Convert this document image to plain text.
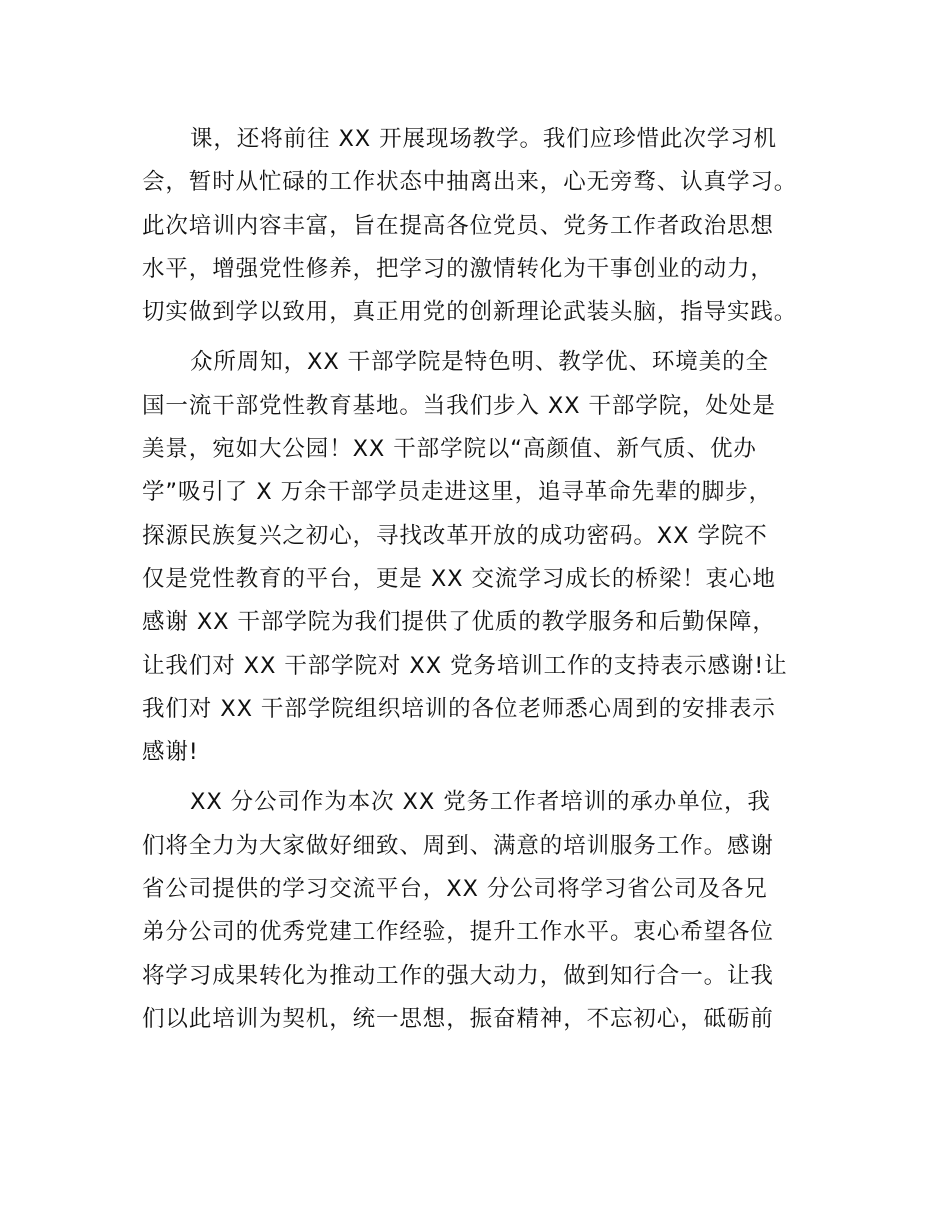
课，还将前往 XX 开展现场教学。我们应珍惜此次学习机
会，暂时从忙碌的工作状态中抽离出来，心无旁骛、认真学习。
此次培训内容丰富，旨在提高各位党员、党务工作者政治思想
水平，增强党性修养，把学习的激情转化为干事创业的动力，
切实做到学以致用，真正用党的创新理论武装头脑，指导实践。
众所周知，XX 干部学院是特色明、教学优、环境美的全
国一流干部党性教育基地。当我们步入 XX 干部学院，处处是
美景，宛如大公园！XX 干部学院以“高颜值、新气质、优办
学”吸引了 X 万余干部学员走进这里，追寻革命先辈的脚步，
探源民族复兴之初心，寻找改革开放的成功密码。XX 学院不
仅是党性教育的平台，更是 XX 交流学习成长的桥梁！衷心地
感谢 XX 干部学院为我们提供了优质的教学服务和后勤保障，
让我们对 XX 干部学院对 XX 党务培训工作的支持表示感谢!让
我们对 XX 干部学院组织培训的各位老师悉心周到的安排表示
感谢!
XX 分公司作为本次 XX 党务工作者培训的承办单位，我
们将全力为大家做好细致、周到、满意的培训服务工作。感谢
省公司提供的学习交流平台，XX 分公司将学习省公司及各兄
弟分公司的优秀党建工作经验，提升工作水平。衷心希望各位
将学习成果转化为推动工作的强大动力，做到知行合一。让我
们以此培训为契机，统一思想，振奋精神，不忘初心，砥砺前
